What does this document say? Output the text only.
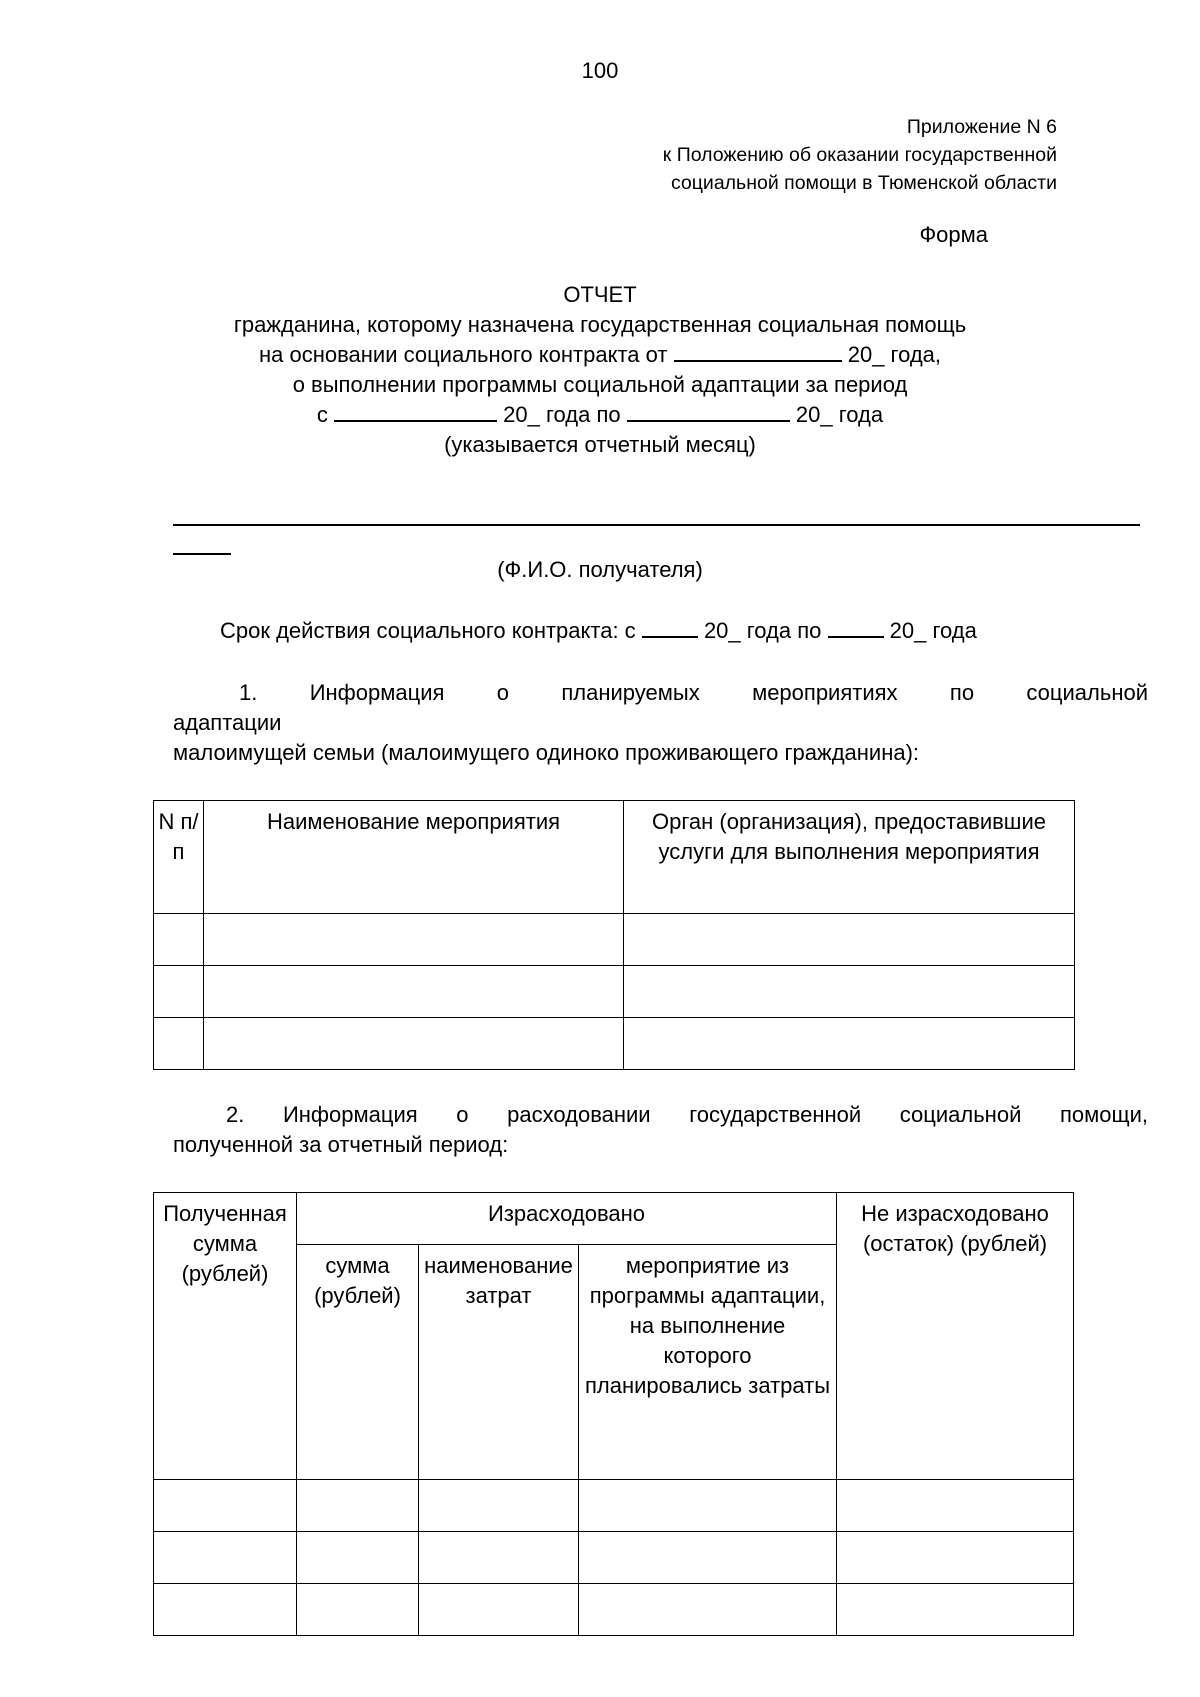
100
Приложение N 6
к Положению об оказании государственной
социальной помощи в Тюменской области
Форма
ОТЧЕТ
гражданина, которому назначена государственная социальная помощь
на основании социального контракта от	20_ года,
о выполнении программы социальной адаптации за период
с	20_ года по	20_ года
(указывается отчетный месяц)
(Ф.И.О. получателя)
Срок действия социального контракта: с	20_ года по	20_ года
1. Информация о планируемых мероприятиях по социальной
адаптации
малоимущей семьи (малоимущего одиноко проживающего гражданина):
N п/п	Наименование мероприятия	Орган (организация), предоставившие услуги для выполнения мероприятия

2. Информация о расходовании государственной социальной помощи,
полученной за отчетный период:
Полученная сумма (рублей)	Израсходовано			Не израсходовано (остаток) (рублей)
	сумма (рублей)	наименование затрат	мероприятие из программы адаптации, на выполнение которого планировались затраты	
